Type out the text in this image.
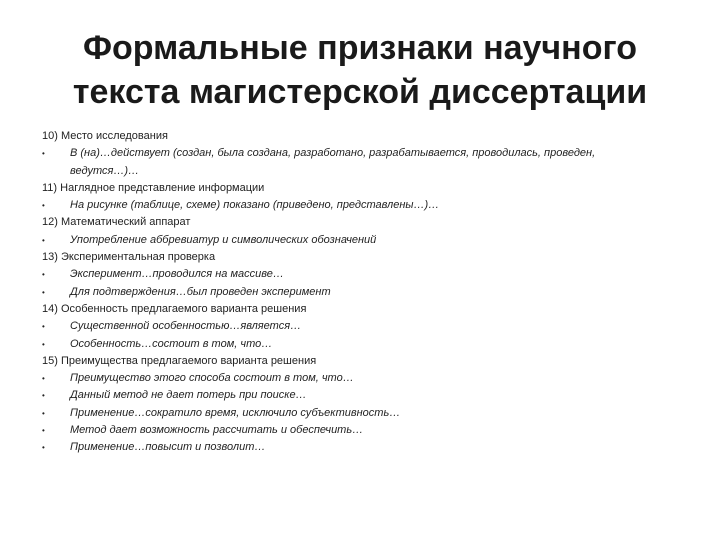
Формальные признаки научного
текста магистерской диссертации

10) Место исследования

• В (на)…действует (создан, была создана, разработано, разрабатывается, проводилась, проведен, ведутся…)…

11) Наглядное представление информации

• На рисунке (таблице, схеме) показано (приведено, представлены…)…

12) Математический аппарат

• Употребление аббревиатур и символических обозначений

13) Экспериментальная проверка

• Эксперимент…проводился на массиве…

• Для подтверждения…был проведен эксперимент

14) Особенность предлагаемого варианта решения

• Существенной особенностью…является…

• Особенность…состоит в том, что…

15) Преимущества предлагаемого варианта решения

• Преимущество этого способа состоит в том, что…

• Данный метод не дает потерь при поиске…

• Применение…сократило время, исключило субъективность…

• Метод дает возможность рассчитать и обеспечить…

• Применение…повысит и позволит…
